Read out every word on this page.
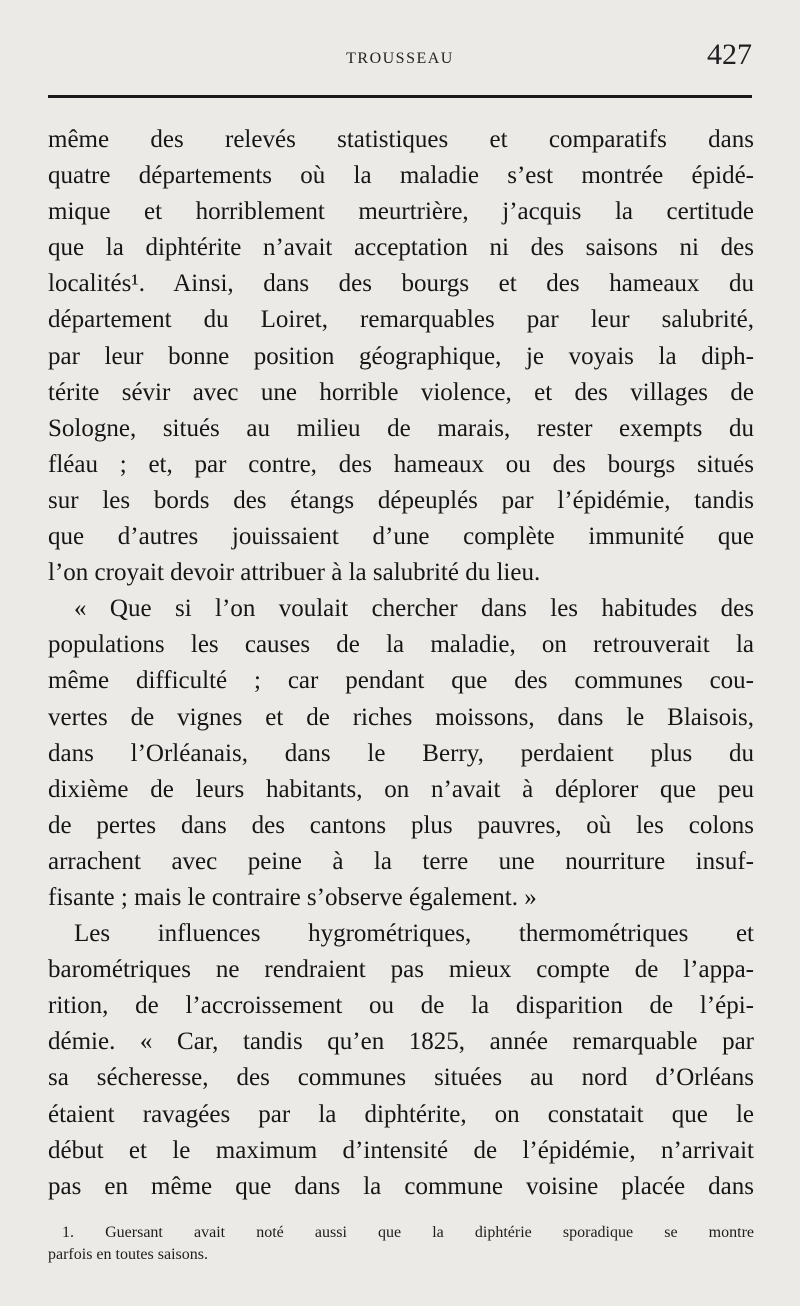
TROUSSEAU	427
même des relevés statistiques et comparatifs dans
quatre départements où la maladie s’est montrée épidé-
mique et horriblement meurtrière, j’acquis la certitude
que la diphtérite n’avait acceptation ni des saisons ni des
localités¹. Ainsi, dans des bourgs et des hameaux du
département du Loiret, remarquables par leur salubrité,
par leur bonne position géographique, je voyais la diph-
térite sévir avec une horrible violence, et des villages de
Sologne, situés au milieu de marais, rester exempts du
fléau ; et, par contre, des hameaux ou des bourgs situés
sur les bords des étangs dépeuplés par l’épidémie, tandis
que d’autres jouissaient d’une complète immunité que
l’on croyait devoir attribuer à la salubrité du lieu.
« Que si l’on voulait chercher dans les habitudes des
populations les causes de la maladie, on retrouverait la
même difficulté ; car pendant que des communes cou-
vertes de vignes et de riches moissons, dans le Blaisois,
dans l’Orléanais, dans le Berry, perdaient plus du
dixième de leurs habitants, on n’avait à déplorer que peu
de pertes dans des cantons plus pauvres, où les colons
arrachent avec peine à la terre une nourriture insuf-
fisante ; mais le contraire s’observe également. »
Les influences hygrométriques, thermométriques et
barométriques ne rendraient pas mieux compte de l’appa-
rition, de l’accroissement ou de la disparition de l’épi-
démie. « Car, tandis qu’en 1825, année remarquable par
sa sécheresse, des communes situées au nord d’Orléans
étaient ravagées par la diphtérite, on constatait que le
début et le maximum d’intensité de l’épidémie, n’arrivait
pas en même que dans la commune voisine placée dans
1. Guersant avait noté aussi que la diphtérie sporadique se montre
parfois en toutes saisons.
